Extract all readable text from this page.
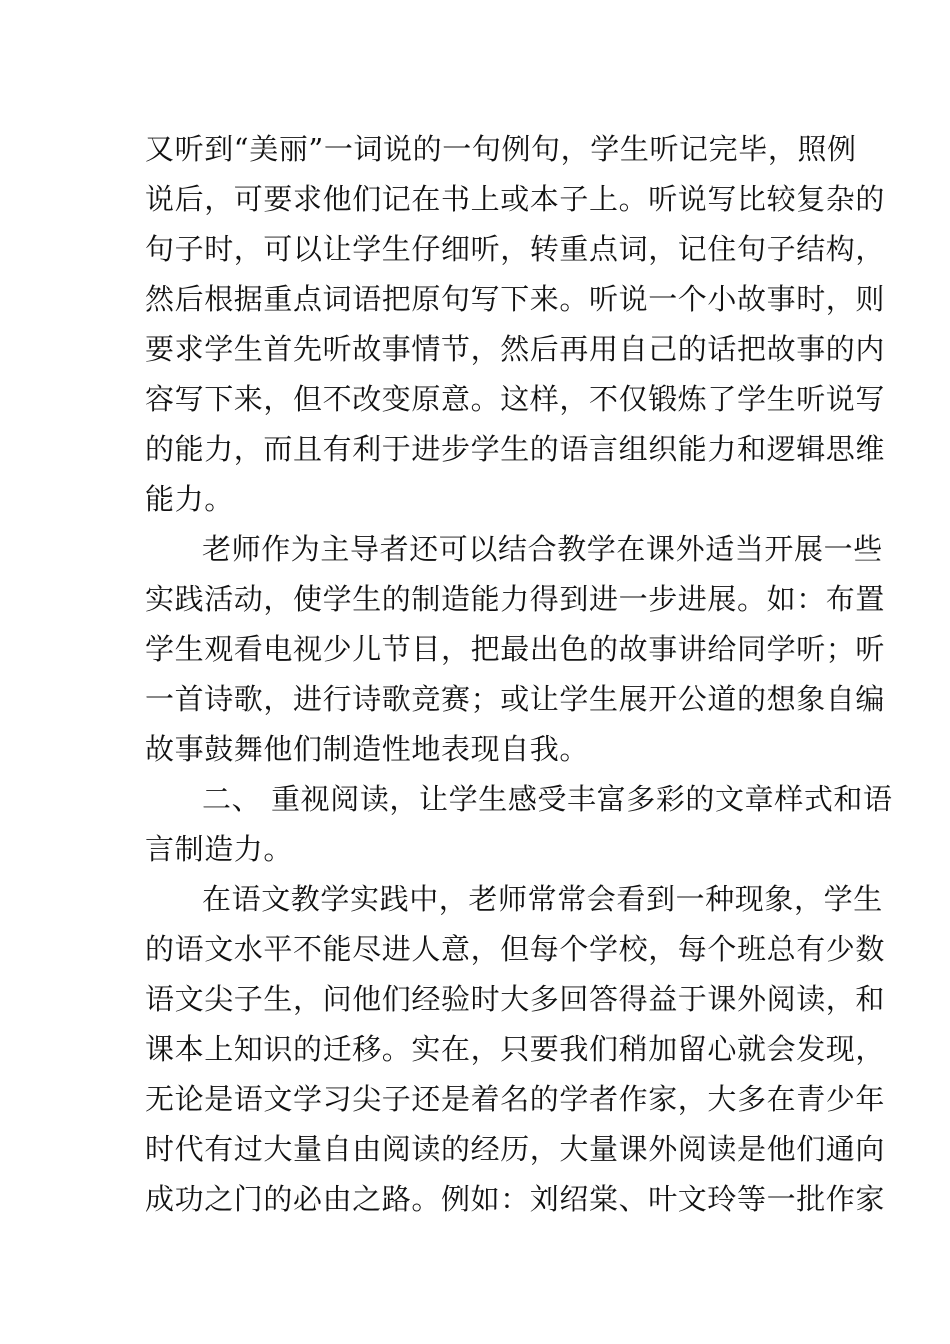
又听到“美丽”一词说的一句例句，学生听记完毕，照例
说后，可要求他们记在书上或本子上。听说写比较复杂的
句子时，可以让学生仔细听，转重点词，记住句子结构，
然后根据重点词语把原句写下来。听说一个小故事时，则
要求学生首先听故事情节，然后再用自己的话把故事的内
容写下来，但不改变原意。这样，不仅锻炼了学生听说写
的能力，而且有利于进步学生的语言组织能力和逻辑思维
能力。
老师作为主导者还可以结合教学在课外适当开展一些
实践活动，使学生的制造能力得到进一步进展。如：布置
学生观看电视少儿节目，把最出色的故事讲给同学听；听
一首诗歌，进行诗歌竞赛；或让学生展开公道的想象自编
故事鼓舞他们制造性地表现自我。
二、 重视阅读，让学生感受丰富多彩的文章样式和语
言制造力。
在语文教学实践中，老师常常会看到一种现象，学生
的语文水平不能尽进人意，但每个学校，每个班总有少数
语文尖子生，问他们经验时大多回答得益于课外阅读，和
课本上知识的迁移。实在，只要我们稍加留心就会发现，
无论是语文学习尖子还是着名的学者作家，大多在青少年
时代有过大量自由阅读的经历，大量课外阅读是他们通向
成功之门的必由之路。例如：刘绍棠、叶文玲等一批作家
